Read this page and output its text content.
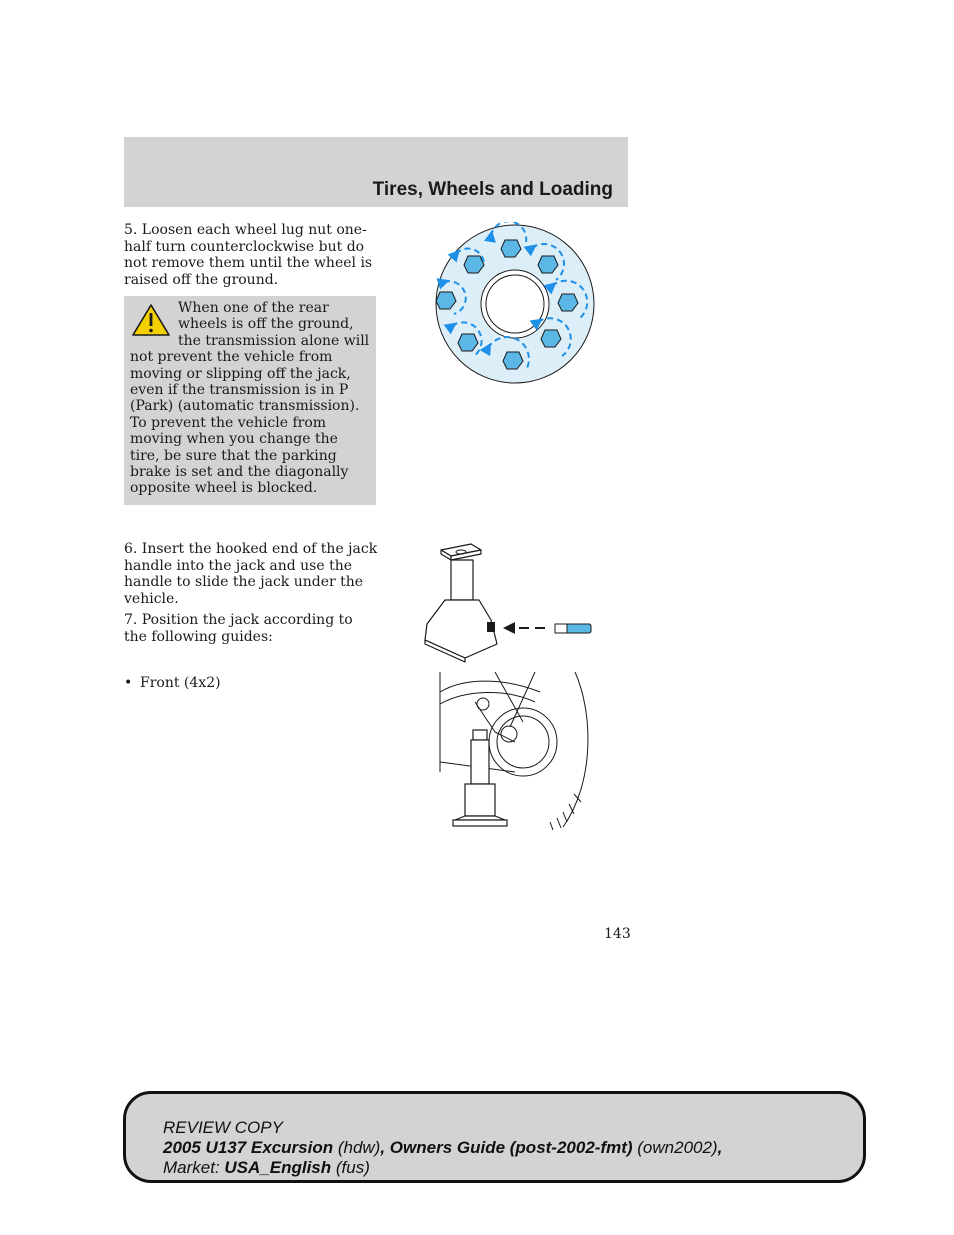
Tires, Wheels and Loading

5. Loosen each wheel lug nut one-half turn counterclockwise but do not remove them until the wheel is raised off the ground.

When one of the rear wheels is off the ground, the transmission alone will not prevent the vehicle from moving or slipping off the jack, even if the transmission is in P (Park) (automatic transmission). To prevent the vehicle from moving when you change the tire, be sure that the parking brake is set and the diagonally opposite wheel is blocked.

6. Insert the hooked end of the jack handle into the jack and use the handle to slide the jack under the vehicle.

7. Position the jack according to the following guides:

• Front (4x2)

143
REVIEW COPY
2005 U137 Excursion (hdw), Owners Guide (post-2002-fmt) (own2002),
Market: USA_English (fus)
